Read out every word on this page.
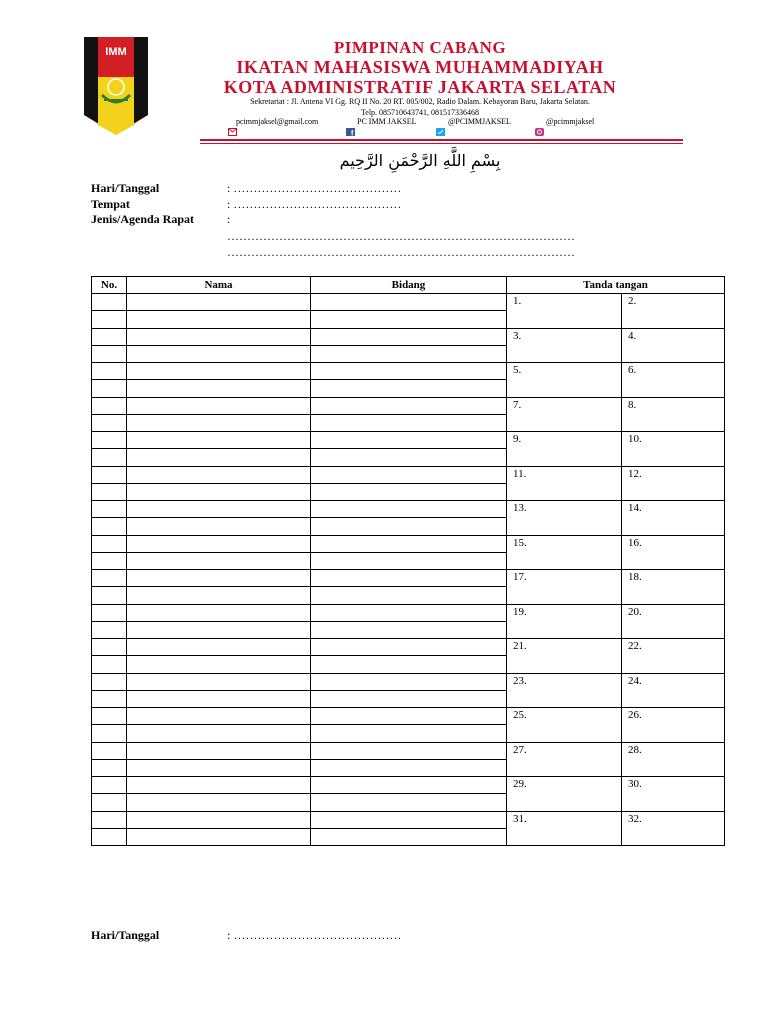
IMM	PIMPINAN CABANG
IKATAN MAHASISWA MUHAMMADIYAH
KOTA ADMINISTRATIF JAKARTA SELATAN
Sekretariat : Jl. Antena VI Gg. RQ II No. 20 RT. 005/002, Radio Dalam. Kebayoran Baru, Jakarta Selatan.
Telp. 085710643741, 081517336468
pcimmjaksel@gmail.com	PC IMM JAKSEL	@PCIMMJAKSEL	@pcimmjaksel
f
بِسْمِ اللَّهِ الرَّحْمَنِ الرَّحِيم
Hari/Tanggal	: ……………………………………
Tempat	: ……………………………………
Jenis/Agenda Rapat	:
……………………………………………………………………………
……………………………………………………………………………
No.	Nama	Bidang	Tanda tangan	
			1.	2.

			3.	4.

			5.	6.

			7.	8.

			9.	10.

			11.	12.

			13.	14.

			15.	16.

			17.	18.

			19.	20.

			21.	22.

			23.	24.

			25.	26.

			27.	28.

			29.	30.

			31.	32.

Hari/Tanggal	: ……………………………………
